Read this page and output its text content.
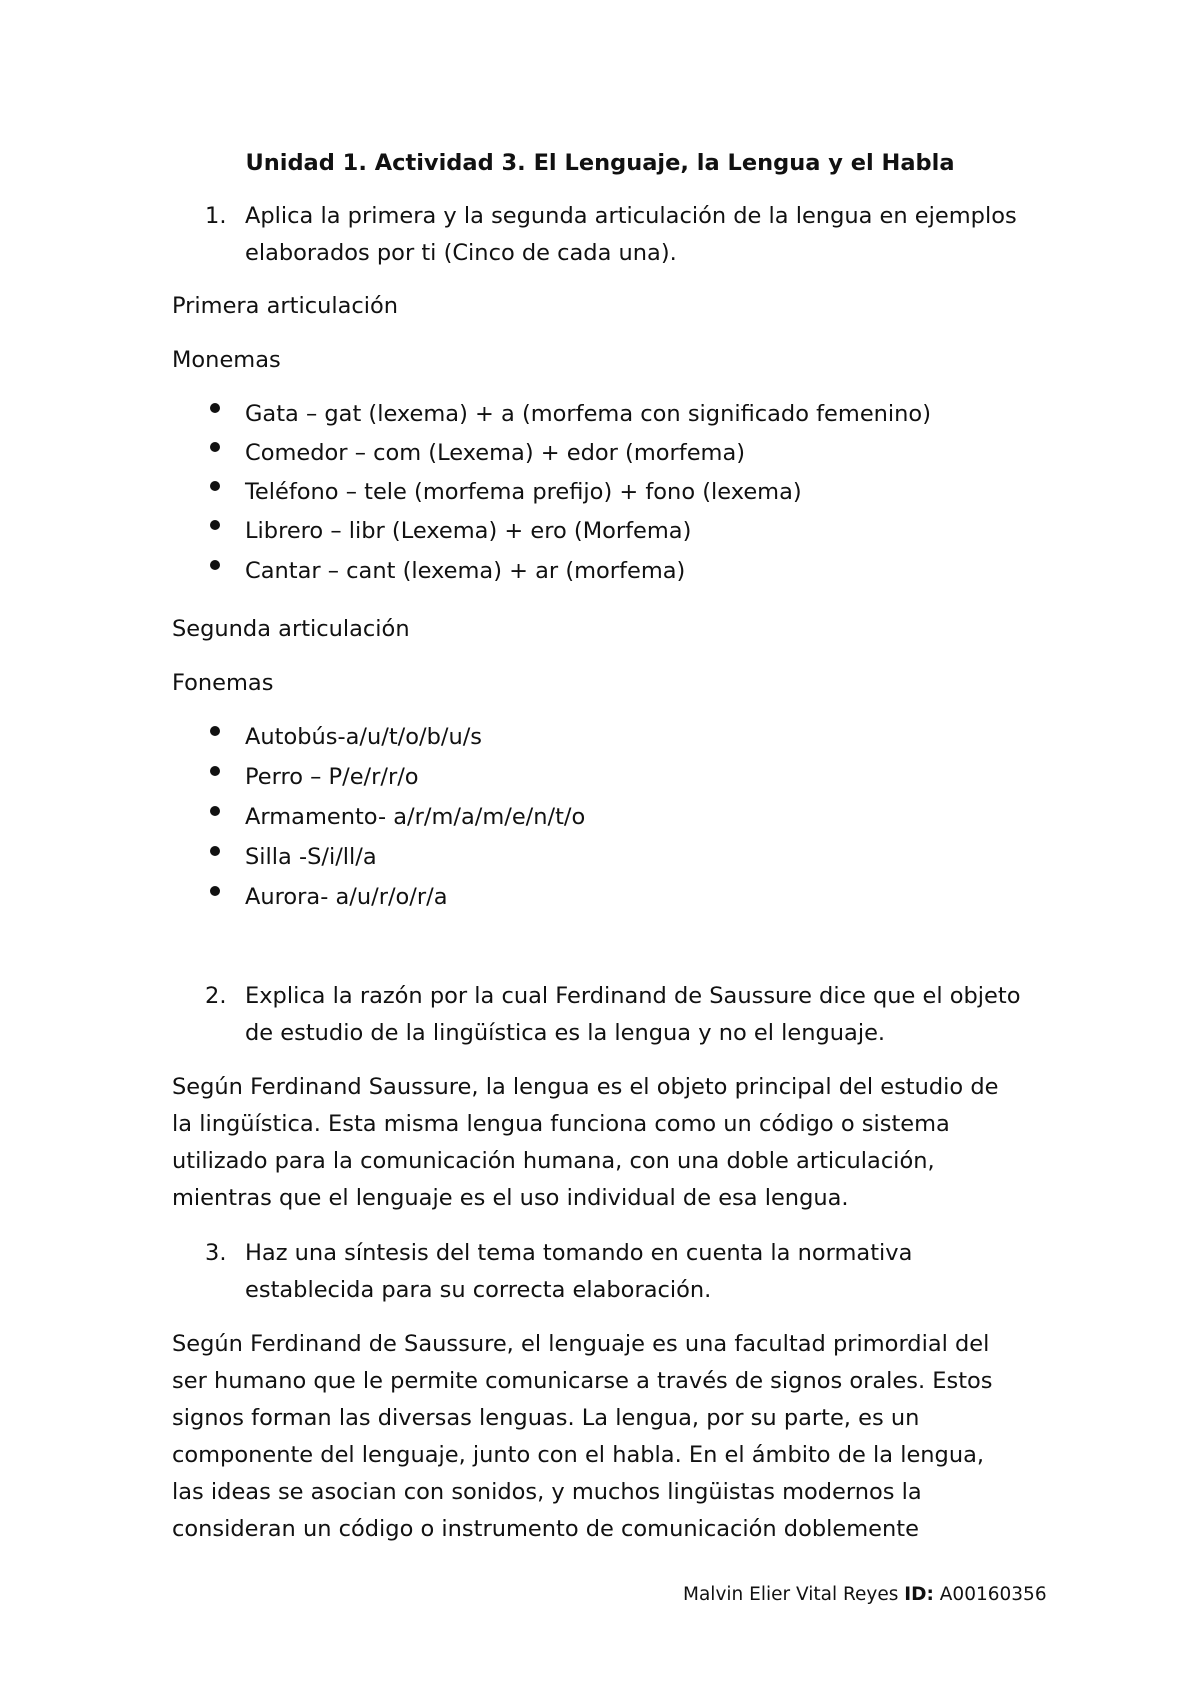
Unidad 1. Actividad 3. El Lenguaje, la Lengua y el Habla
1. Aplica la primera y la segunda articulación de la lengua en ejemplos
elaborados por ti (Cinco de cada una).
Primera articulación
Monemas
Gata – gat (lexema) + a (morfema con significado femenino)
Comedor – com (Lexema) + edor (morfema)
Teléfono – tele (morfema prefijo) + fono (lexema)
Librero – libr (Lexema) + ero (Morfema)
Cantar – cant (lexema) + ar (morfema)
Segunda articulación
Fonemas
Autobús-a/u/t/o/b/u/s
Perro – P/e/r/r/o
Armamento- a/r/m/a/m/e/n/t/o
Silla -S/i/ll/a
Aurora- a/u/r/o/r/a
2. Explica la razón por la cual Ferdinand de Saussure dice que el objeto
de estudio de la lingüística es la lengua y no el lenguaje.
Según Ferdinand Saussure, la lengua es el objeto principal del estudio de
la lingüística. Esta misma lengua funciona como un código o sistema
utilizado para la comunicación humana, con una doble articulación,
mientras que el lenguaje es el uso individual de esa lengua.
3. Haz una síntesis del tema tomando en cuenta la normativa
establecida para su correcta elaboración.
Según Ferdinand de Saussure, el lenguaje es una facultad primordial del
ser humano que le permite comunicarse a través de signos orales. Estos
signos forman las diversas lenguas. La lengua, por su parte, es un
componente del lenguaje, junto con el habla. En el ámbito de la lengua,
las ideas se asocian con sonidos, y muchos lingüistas modernos la
consideran un código o instrumento de comunicación doblemente
Malvin Elier Vital Reyes ID: A00160356
